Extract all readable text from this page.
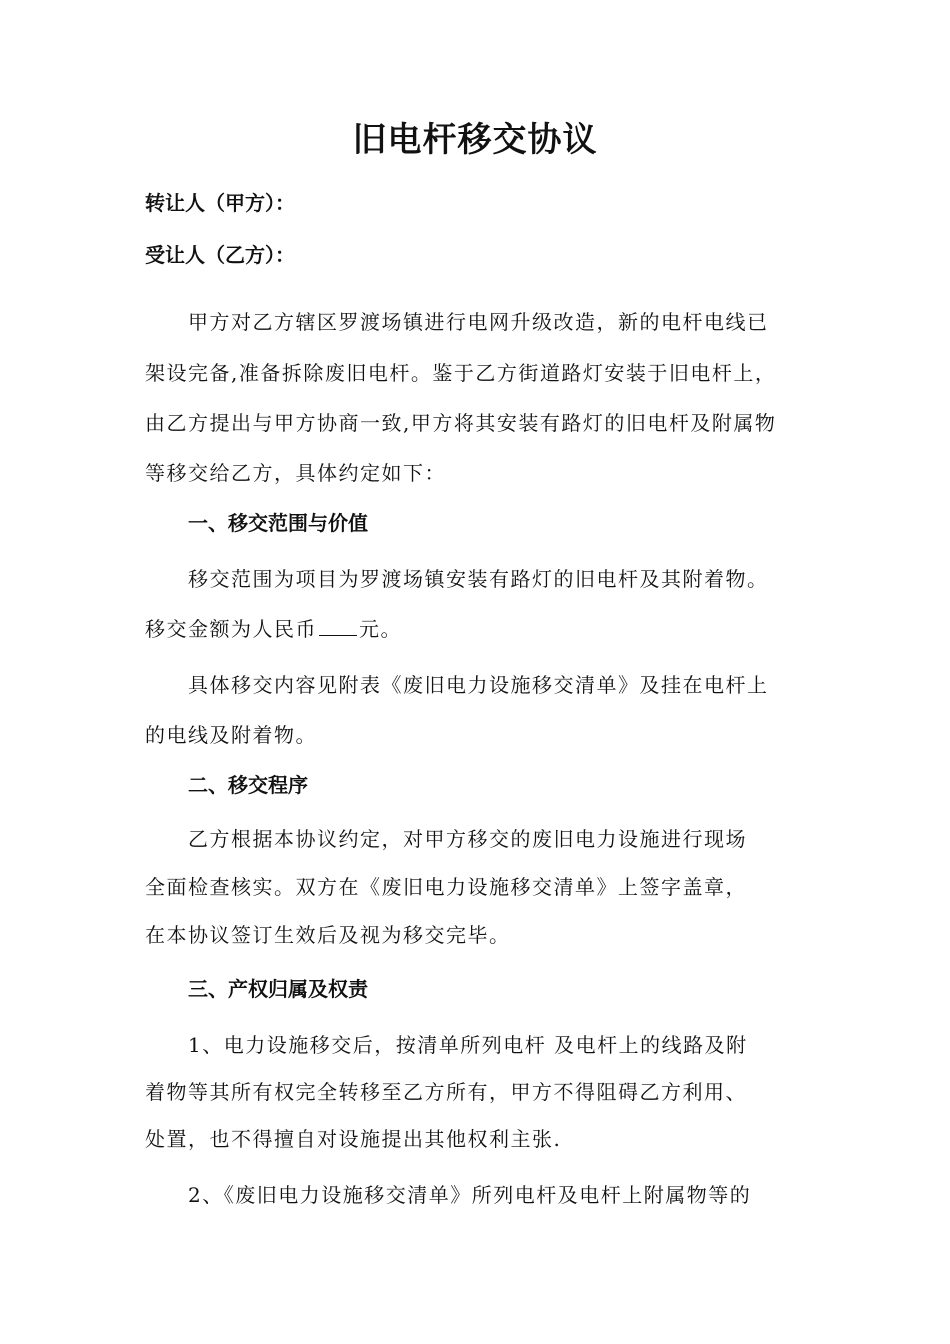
旧电杆移交协议
转让人（甲方）：
受让人（乙方）：
甲方对乙方辖区罗渡场镇进行电网升级改造，新的电杆电线已
架设完备,准备拆除废旧电杆。鉴于乙方街道路灯安装于旧电杆上，
由乙方提出与甲方协商一致,甲方将其安装有路灯的旧电杆及附属物
等移交给乙方，具体约定如下：
一、移交范围与价值
移交范围为项目为罗渡场镇安装有路灯的旧电杆及其附着物。
移交金额为人民币 元。
具体移交内容见附表《废旧电力设施移交清单》及挂在电杆上
的电线及附着物。
二、移交程序
乙方根据本协议约定，对甲方移交的废旧电力设施进行现场
全面检查核实。双方在《废旧电力设施移交清单》上签字盖章，
在本协议签订生效后及视为移交完毕。
三、产权归属及权责
1、电力设施移交后，按清单所列电杆 及电杆上的线路及附
着物等其所有权完全转移至乙方所有，甲方不得阻碍乙方利用、
处置，也不得擅自对设施提出其他权利主张.
2、《废旧电力设施移交清单》所列电杆及电杆上附属物等的
